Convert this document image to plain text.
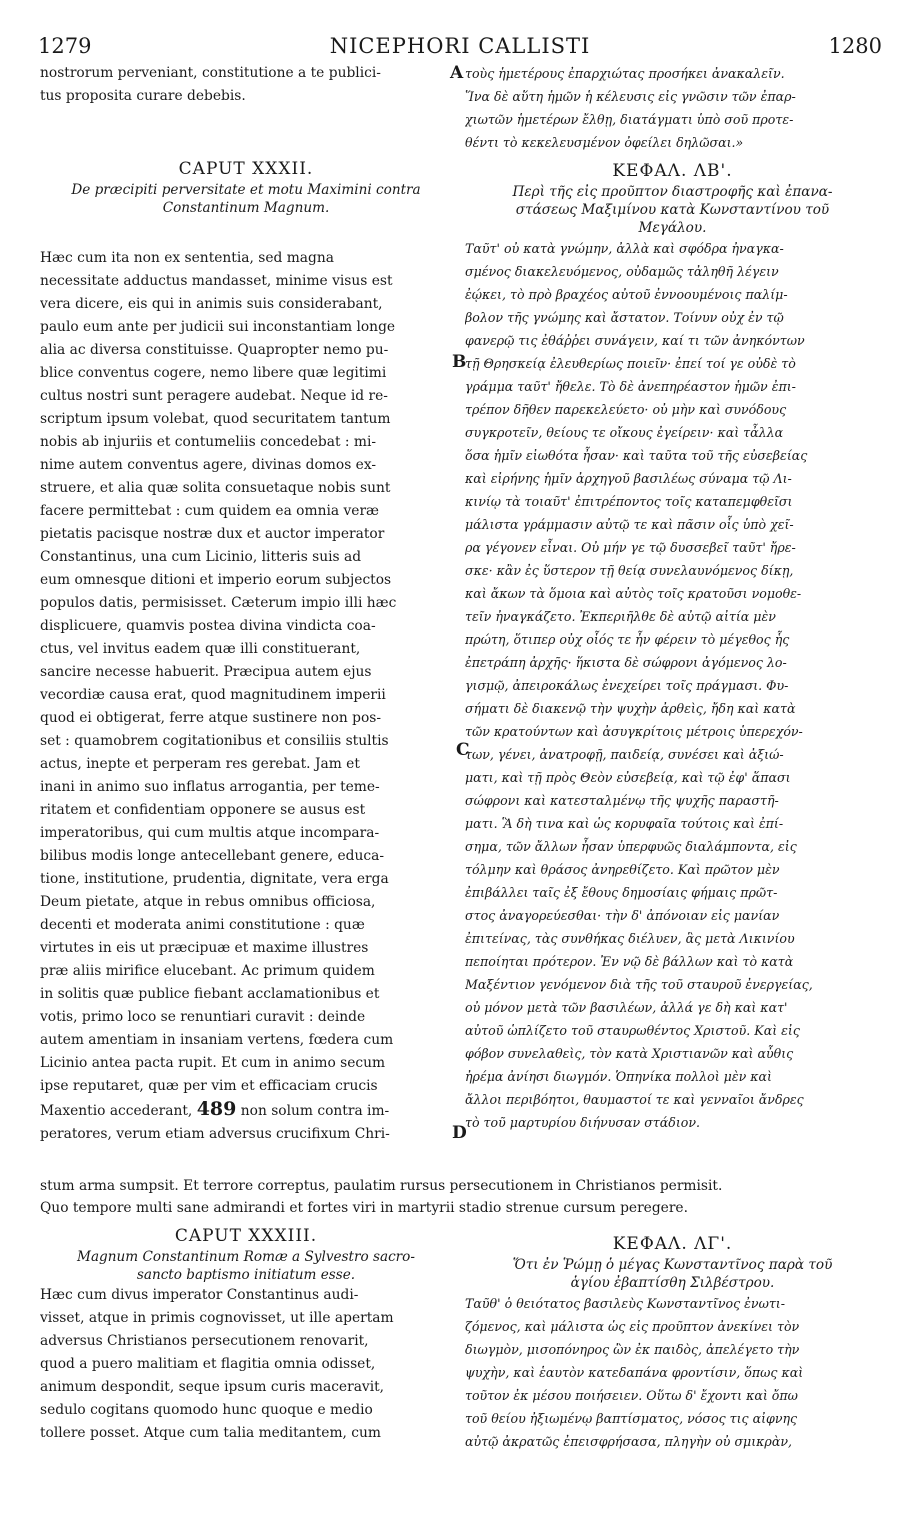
1279	NICEPHORI CALLISTI	1280
A
B
C
D
nostrorum perveniant, constitutione a te publici-
tus proposita curare debebis.
CAPUT XXXII.
De præcipiti perversitate et motu Maximini contra
Constantinum Magnum.
Hæc cum ita non ex sententia, sed magna
necessitate adductus mandasset, minime visus est
vera dicere, eis qui in animis suis considerabant,
paulo eum ante per judicii sui inconstantiam longe
alia ac diversa constituisse. Quapropter nemo pu-
blice conventus cogere, nemo libere quæ legitimi
cultus nostri sunt peragere audebat. Neque id re-
scriptum ipsum volebat, quod securitatem tantum
nobis ab injuriis et contumeliis concedebat : mi-
nime autem conventus agere, divinas domos ex-
struere, et alia quæ solita consuetaque nobis sunt
facere permittebat : cum quidem ea omnia veræ
pietatis pacisque nostræ dux et auctor imperator
Constantinus, una cum Licinio, litteris suis ad
eum omnesque ditioni et imperio eorum subjectos
populos datis, permisisset. Cæterum impio illi hæc
displicuere, quamvis postea divina vindicta coa-
ctus, vel invitus eadem quæ illi constituerant,
sancire necesse habuerit. Præcipua autem ejus
vecordiæ causa erat, quod magnitudinem imperii
quod ei obtigerat, ferre atque sustinere non pos-
set : quamobrem cogitationibus et consiliis stultis
actus, inepte et perperam res gerebat. Jam et
inani in animo suo inflatus arrogantia, per teme-
ritatem et confidentiam opponere se ausus est
imperatoribus, qui cum multis atque incompara-
bilibus modis longe antecellebant genere, educa-
tione, institutione, prudentia, dignitate, vera erga
Deum pietate, atque in rebus omnibus officiosa,
decenti et moderata animi constitutione : quæ
virtutes in eis ut præcipuæ et maxime illustres
præ aliis mirifice elucebant. Ac primum quidem
in solitis quæ publice fiebant acclamationibus et
votis, primo loco se renuntiari curavit : deinde
autem amentiam in insaniam vertens, fœdera cum
Licinio antea pacta rupit. Et cum in animo secum
ipse reputaret, quæ per vim et efficaciam crucis
Maxentio accederant, 489 non solum contra im-
peratores, verum etiam adversus crucifixum Chri-
τοὺς ἡμετέρους ἐπαρχιώτας προσήκει ἀνακαλεῖν.
Ἵνα δὲ αὕτη ἡμῶν ἡ κέλευσις εἰς γνῶσιν τῶν ἐπαρ-
χιωτῶν ἡμετέρων ἔλθῃ, διατάγματι ὑπὸ σοῦ προτε-
θέντι τὸ κεκελευσμένον ὀφείλει δηλῶσαι.»
ΚΕΦΑΛ. ΛΒ'.
Περὶ τῆς εἰς προῦπτον διαστροφῆς καὶ ἐπανα-
στάσεως Μαξιμίνου κατὰ Κωνσταντίνου τοῦ
Μεγάλου.
Ταῦτ' οὐ κατὰ γνώμην, ἀλλὰ καὶ σφόδρα ἠναγκα-
σμένος διακελευόμενος, οὐδαμῶς τἀληθῆ λέγειν
ἐῴκει, τὸ πρὸ βραχέος αὐτοῦ ἐννοουμένοις παλίμ-
βολον τῆς γνώμης καὶ ἄστατον. Τοίνυν οὐχ ἐν τῷ
φανερῷ τις ἐθάῤῥει συνάγειν, καί τι τῶν ἀνηκόντων
τῇ Θρησκείᾳ ἐλευθερίως ποιεῖν· ἐπεί τοί γε οὐδὲ τὸ
γράμμα ταῦτ' ἤθελε. Τὸ δὲ ἀνεπηρέαστον ἡμῶν ἐπι-
τρέπον δῆθεν παρεκελεύετο· οὐ μὴν καὶ συνόδους
συγκροτεῖν, θείους τε οἴκους ἐγείρειν· καὶ τἆλλα
ὅσα ἡμῖν εἰωθότα ἦσαν· καὶ ταῦτα τοῦ τῆς εὐσεβείας
καὶ εἰρήνης ἡμῖν ἀρχηγοῦ βασιλέως σύναμα τῷ Λι-
κινίῳ τὰ τοιαῦτ' ἐπιτρέποντος τοῖς καταπεμφθεῖσι
μάλιστα γράμμασιν αὐτῷ τε καὶ πᾶσιν οἷς ὑπὸ χεῖ-
ρα γέγονεν εἶναι. Οὐ μήν γε τῷ δυσσεβεῖ ταῦτ' ἤρε-
σκε· κἂν ἐς ὕστερον τῇ θείᾳ συνελαυνόμενος δίκῃ,
καὶ ἄκων τὰ ὅμοια καὶ αὐτὸς τοῖς κρατοῦσι νομοθε-
τεῖν ἠναγκάζετο. Ἐκπεριῆλθε δὲ αὐτῷ αἰτία μὲν
πρώτη, ὅτιπερ οὐχ οἷός τε ἦν φέρειν τὸ μέγεθος ἧς
ἐπετράπη ἀρχῆς· ἥκιστα δὲ σώφρονι ἀγόμενος λο-
γισμῷ, ἀπειροκάλως ἐνεχείρει τοῖς πράγμασι. Φυ-
σήματι δὲ διακενῷ τὴν ψυχὴν ἀρθεὶς, ἤδη καὶ κατὰ
τῶν κρατούντων καὶ ἀσυγκρίτοις μέτροις ὑπερεχόν-
των, γένει, ἀνατροφῇ, παιδείᾳ, συνέσει καὶ ἀξιώ-
ματι, καὶ τῇ πρὸς Θεὸν εὐσεβείᾳ, καὶ τῷ ἐφ' ἅπασι
σώφρονι καὶ κατεσταλμένῳ τῆς ψυχῆς παραστῆ-
ματι. Ἃ δὴ τινα καὶ ὡς κορυφαῖα τούτοις καὶ ἐπί-
σημα, τῶν ἄλλων ἦσαν ὑπερφυῶς διαλάμποντα, εἰς
τόλμην καὶ θράσος ἀνηρεθίζετο. Καὶ πρῶτον μὲν
ἐπιβάλλει ταῖς ἐξ ἔθους δημοσίαις φήμαις πρῶτ-
στος ἀναγορεύεσθαι· τὴν δ' ἀπόνοιαν εἰς μανίαν
ἐπιτείνας, τὰς συνθήκας διέλυεν, ἃς μετὰ Λικινίου
πεποίηται πρότερον. Ἐν νῷ δὲ βάλλων καὶ τὸ κατὰ
Μαξέντιον γενόμενον διὰ τῆς τοῦ σταυροῦ ἐνεργείας,
οὐ μόνον μετὰ τῶν βασιλέων, ἀλλά γε δὴ καὶ κατ'
αὐτοῦ ὡπλίζετο τοῦ σταυρωθέντος Χριστοῦ. Καὶ εἰς
φόβον συνελαθεὶς, τὸν κατὰ Χριστιανῶν καὶ αὖθις
ἠρέμα ἀνίησι διωγμόν. Ὁπηνίκα πολλοὶ μὲν καὶ
ἄλλοι περιβόητοι, θαυμαστοί τε καὶ γενναῖοι ἄνδρες
τὸ τοῦ μαρτυρίου διήνυσαν στάδιον.
stum arma sumpsit. Et terrore correptus, paulatim rursus persecutionem in Christianos permisit.
Quo tempore multi sane admirandi et fortes viri in martyrii stadio strenue cursum peregere.
CAPUT XXXIII.
Magnum Constantinum Romæ a Sylvestro sacro-
sancto baptismo initiatum esse.
Hæc cum divus imperator Constantinus audi-
visset, atque in primis cognovisset, ut ille apertam
adversus Christianos persecutionem renovarit,
quod a puero malitiam et flagitia omnia odisset,
animum despondit, seque ipsum curis maceravit,
sedulo cogitans quomodo hunc quoque e medio
tollere posset. Atque cum talia meditantem, cum
ΚΕΦΑΛ. ΛΓ'.
Ὅτι ἐν Ῥώμῃ ὁ μέγας Κωνσταντῖνος παρὰ τοῦ
ἁγίου ἐβαπτίσθη Σιλβέστρου.
Ταῦθ' ὁ θειότατος βασιλεὺς Κωνσταντῖνος ἐνωτι-
ζόμενος, καὶ μάλιστα ὡς εἰς προῦπτον ἀνεκίνει τὸν
διωγμὸν, μισοπόνηρος ὢν ἐκ παιδὸς, ἀπελέγετο τὴν
ψυχὴν, καὶ ἑαυτὸν κατεδαπάνα φροντίσιν, ὅπως καὶ
τοῦτον ἐκ μέσου ποιήσειεν. Οὕτω δ' ἔχοντι καὶ ὄπω
τοῦ θείου ἠξιωμένῳ βαπτίσματος, νόσος τις αἰφνης
αὐτῷ ἀκρατῶς ἐπεισφρήσασα, πληγὴν οὐ σμικρὰν,
